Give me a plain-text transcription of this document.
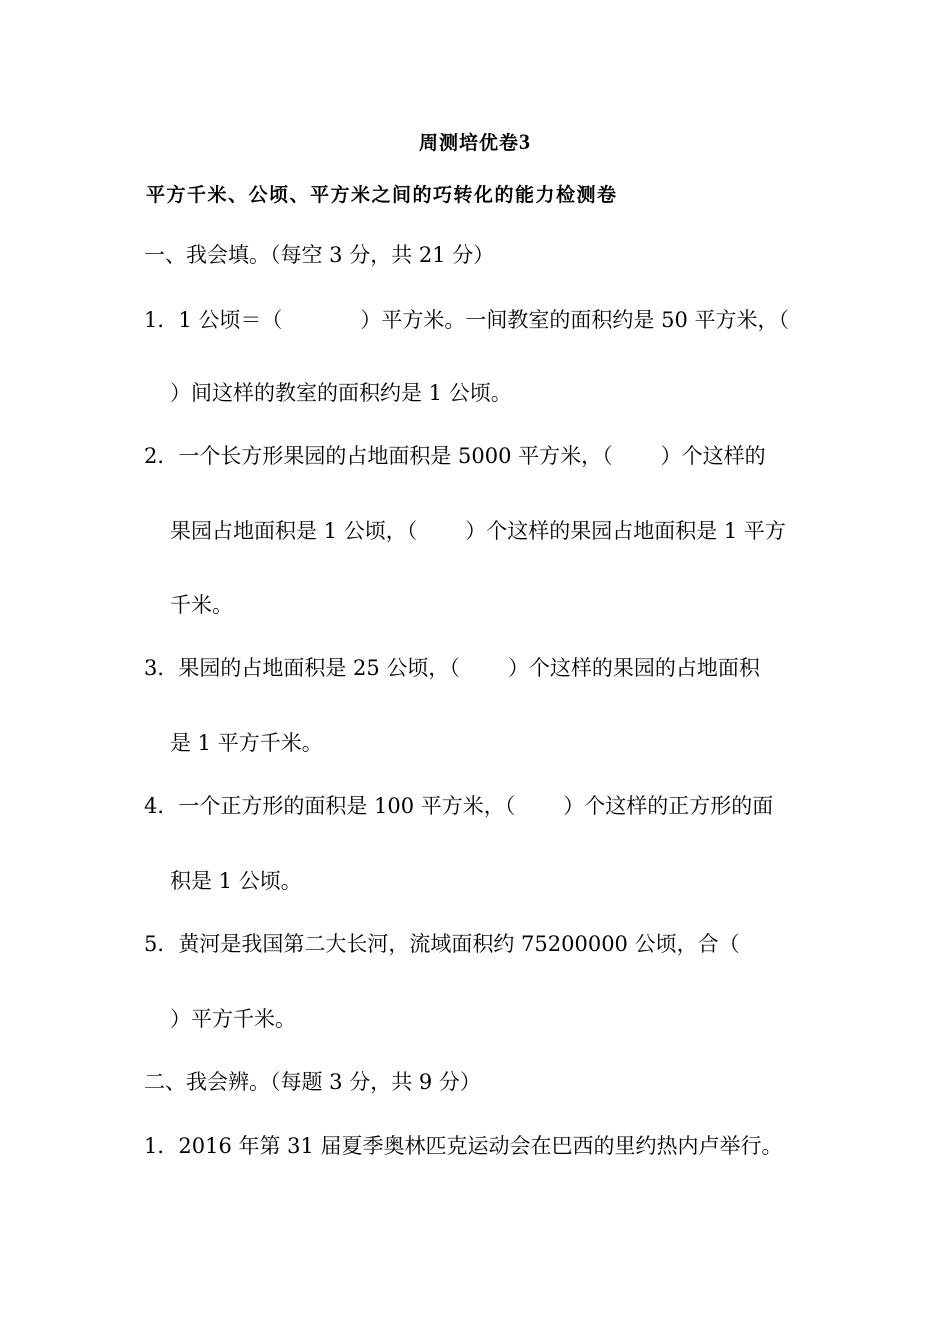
周测培优卷3
平方千米、公顷、平方米之间的巧转化的能力检测卷
一、我会填。（每空 3 分，共 21 分）
1．1 公顷＝（	）平方米。一间教室的面积约是 50 平方米，（
）间这样的教室的面积约是 1 公顷。
2．一个长方形果园的占地面积是 5000 平方米，（ ）个这样的
果园占地面积是 1 公顷，（ ）个这样的果园占地面积是 1 平方
千米。
3．果园的占地面积是 25 公顷，（ ）个这样的果园的占地面积
是 1 平方千米。
4．一个正方形的面积是 100 平方米，（ ）个这样的正方形的面
积是 1 公顷。
5．黄河是我国第二大长河，流域面积约 75200000 公顷，合（
）平方千米。
二、我会辨。（每题 3 分，共 9 分）
1．2016 年第 31 届夏季奥林匹克运动会在巴西的里约热内卢举行。
